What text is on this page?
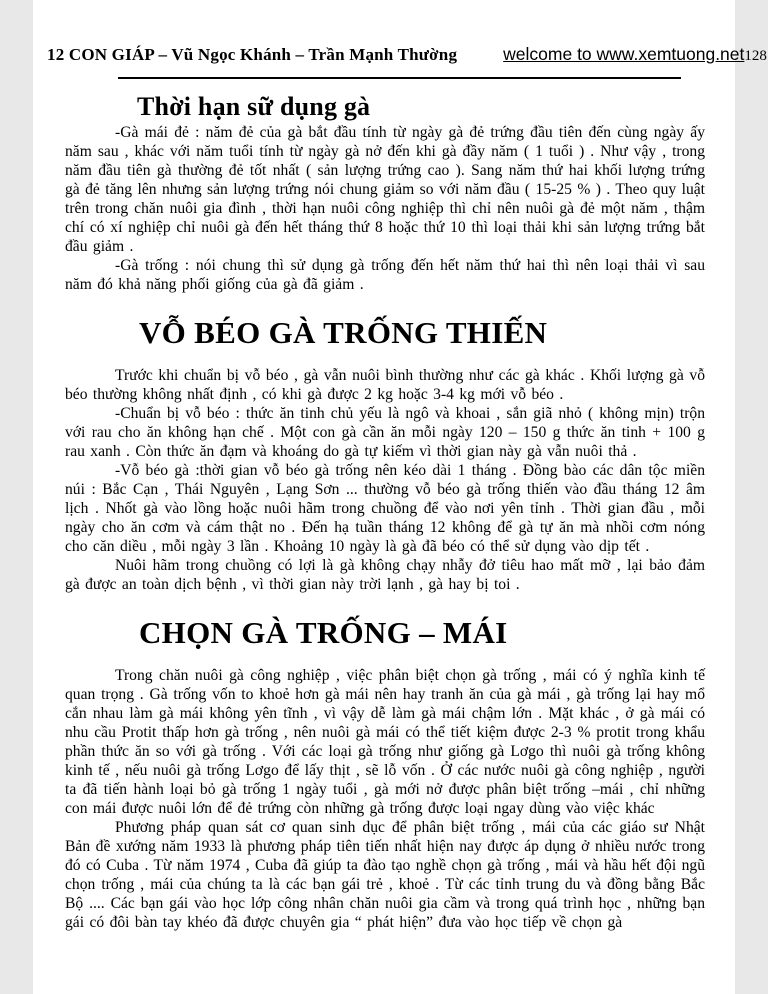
12 CON GIÁP – Vũ Ngọc Khánh – Trần Mạnh Thường	welcome to www.xemtuong.net 128
Thời hạn sữ dụng gà

-Gà mái đẻ : năm đẻ của gà bắt đầu tính từ ngày gà đẻ trứng đầu tiên đến cùng ngày ấy năm sau , khác với năm tuổi tính từ ngày gà nở đến khi gà đầy năm ( 1 tuổi ) . Như vậy , trong năm đầu tiên gà thường đẻ tốt nhất ( sản lượng trứng cao ). Sang năm thứ hai khối lượng trứng gà đẻ tăng lên nhưng sản lượng trứng nói chung giảm so với năm đầu ( 15-25 % ) . Theo quy luật trên trong chăn nuôi gia đình , thời hạn nuôi công nghiệp thì chỉ nên nuôi gà đẻ một năm , thậm chí có xí nghiệp chỉ nuôi gà đến hết tháng thứ 8 hoặc thứ 10 thì loại thải khi sản lượng trứng bắt đầu giảm .

-Gà trống : nói chung thì sử dụng gà trống đến hết năm thứ hai thì nên loại thải vì sau năm đó khả năng phối giống của gà đã giảm .

VỖ BÉO GÀ TRỐNG THIẾN

Trước khi chuẩn bị vỗ béo , gà vẫn nuôi bình thường như các gà khác . Khối lượng gà vỗ béo thường không nhất định , có khi gà được 2 kg hoặc 3-4 kg mới vỗ béo .

-Chuẩn bị vỗ béo : thức ăn tinh chủ yếu là ngô và khoai , sắn giã nhỏ ( không mịn) trộn với rau cho ăn không hạn chế . Một con gà cần ăn mỗi ngày 120 – 150 g thức ăn tinh + 100 g rau xanh . Còn thức ăn đạm và khoáng do gà tự kiếm vì thời gian này gà vẫn nuôi thả .

-Vỗ béo gà :thời gian vỗ béo gà trống nên kéo dài 1 tháng . Đồng bào các dân tộc miền núi : Bắc Cạn , Thái Nguyên , Lạng Sơn ... thường vỗ béo gà trống thiến vào đầu tháng 12 âm lịch . Nhốt gà vào lồng hoặc nuôi hãm trong chuồng để vào nơi yên tỉnh . Thời gian đầu , mỗi ngày cho ăn cơm và cám thật no . Đến hạ tuần tháng 12 không để gà tự ăn mà nhồi cơm nóng cho căn diều , mỗi ngày 3 lần . Khoảng 10 ngày là gà đã béo có thể sử dụng vào dịp tết .

Nuôi hãm trong chuồng có lợi là gà không chạy nhẫy đở tiêu hao mất mỡ , lại bảo đảm gà được an toàn dịch bệnh , vì thời gian này trời lạnh , gà hay bị toi .

CHỌN GÀ TRỐNG – MÁI

Trong chăn nuôi gà công nghiệp , việc phân biệt chọn gà trống , mái có ý nghĩa kinh tế quan trọng . Gà trống vốn to khoẻ hơn gà mái nên hay tranh ăn của gà mái , gà trống lại hay mổ cắn nhau làm gà mái không yên tĩnh , vì vậy dễ làm gà mái chậm lớn . Mặt khác , ở gà mái có nhu cầu Protit thấp hơn gà trống , nên nuôi gà mái có thể tiết kiệm được 2-3 % protit trong khẩu phần thức ăn so với gà trống . Với các loại gà trống như giống gà Lơgo thì nuôi gà trống không kinh tế , nếu nuôi gà trống Lơgo để lấy thịt , sẽ lỗ vốn . Ở các nước nuôi gà công nghiệp , người ta đã tiến hành loại bỏ gà trống 1 ngày tuổi , gà mới nở được phân biệt trống –mái , chỉ những con mái được nuôi lớn để đẻ trứng còn những gà trống được loại ngay dùng vào việc khác

Phương pháp quan sát cơ quan sinh dục để phân biệt trống , mái của các giáo sư Nhật Bản đề xướng năm 1933 là phương pháp tiên tiến nhất hiện nay được áp dụng ở nhiều nước trong đó có Cuba . Từ năm 1974 , Cuba đã giúp ta đào tạo nghề chọn gà trống , mái và hầu hết đội ngũ chọn trống , mái của chúng ta là các bạn gái trẻ , khoẻ . Từ các tỉnh trung du và đồng bằng Bắc Bộ .... Các bạn gái vào học lớp công nhân chăn nuôi gia cầm và trong quá trình học , những bạn gái có đôi bàn tay khéo đã được chuyên gia “ phát hiện” đưa vào học tiếp về chọn gà
